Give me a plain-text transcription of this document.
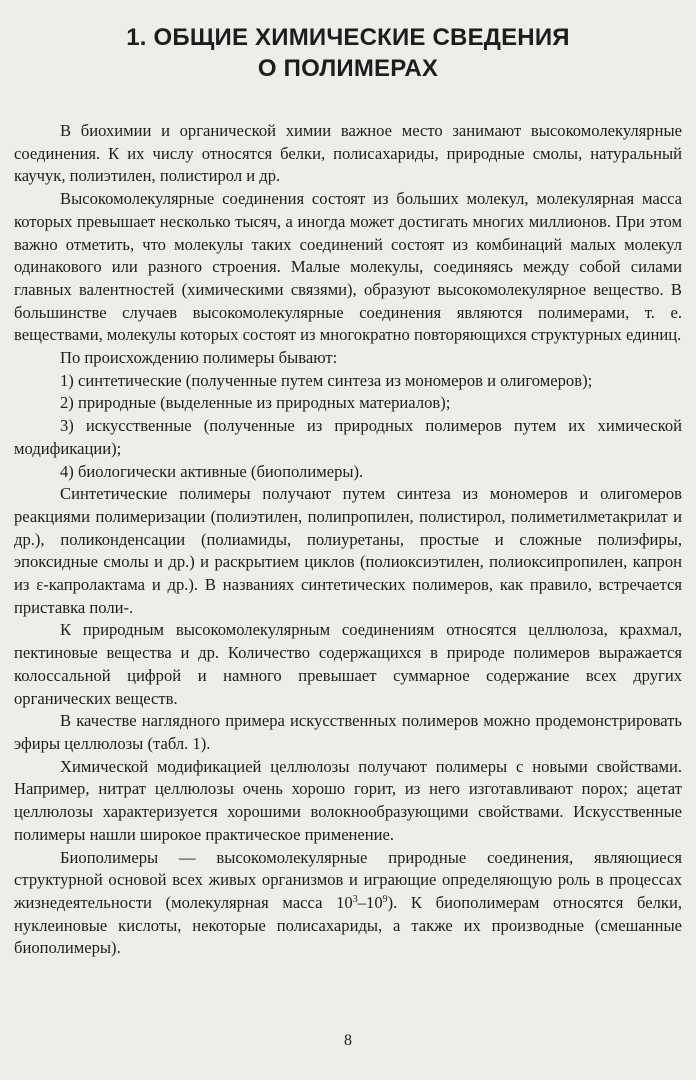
1. ОБЩИЕ ХИМИЧЕСКИЕ СВЕДЕНИЯ
О ПОЛИМЕРАХ

В биохимии и органической химии важное место занимают высокомолекулярные соединения. К их числу относятся белки, полисахариды, природные смолы, натуральный каучук, полиэтилен, полистирол и др.

Высокомолекулярные соединения состоят из больших молекул, молекулярная масса которых превышает несколько тысяч, а иногда может достигать многих миллионов. При этом важно отметить, что молекулы таких соединений состоят из комбинаций малых молекул одинакового или разного строения. Малые молекулы, соединяясь между собой силами главных валентностей (химическими связями), образуют высокомолекулярное вещество. В большинстве случаев высокомолекулярные соединения являются полимерами, т. е. веществами, молекулы которых состоят из многократно повторяющихся структурных единиц.

По происхождению полимеры бывают:

1) синтетические (полученные путем синтеза из мономеров и олигомеров);

2) природные (выделенные из природных материалов);

3) искусственные (полученные из природных полимеров путем их химической модификации);

4) биологически активные (биополимеры).

Синтетические полимеры получают путем синтеза из мономеров и олигомеров реакциями полимеризации (полиэтилен, полипропилен, полистирол, полиметилметакрилат и др.), поликонденсации (полиамиды, полиуретаны, простые и сложные полиэфиры, эпоксидные смолы и др.) и раскрытием циклов (полиоксиэтилен, полиоксипропилен, капрон из ε-капролактама и др.). В названиях синтетических полимеров, как правило, встречается приставка поли-.

К природным высокомолекулярным соединениям относятся целлюлоза, крахмал, пектиновые вещества и др. Количество содержащихся в природе полимеров выражается колоссальной цифрой и намного превышает суммарное содержание всех других органических веществ.

В качестве наглядного примера искусственных полимеров можно продемонстрировать эфиры целлюлозы (табл. 1).

Химической модификацией целлюлозы получают полимеры с новыми свойствами. Например, нитрат целлюлозы очень хорошо горит, из него изготавливают порох; ацетат целлюлозы характеризуется хорошими волокнообразующими свойствами. Искусственные полимеры нашли широкое практическое применение.

Биополимеры — высокомолекулярные природные соединения, являющиеся структурной основой всех живых организмов и играющие определяющую роль в процессах жизнедеятельности (молекулярная масса $10^3-10^9$). К биополимерам относятся белки, нуклеиновые кислоты, некоторые полисахариды, а также их производные (смешанные биополимеры).

8
